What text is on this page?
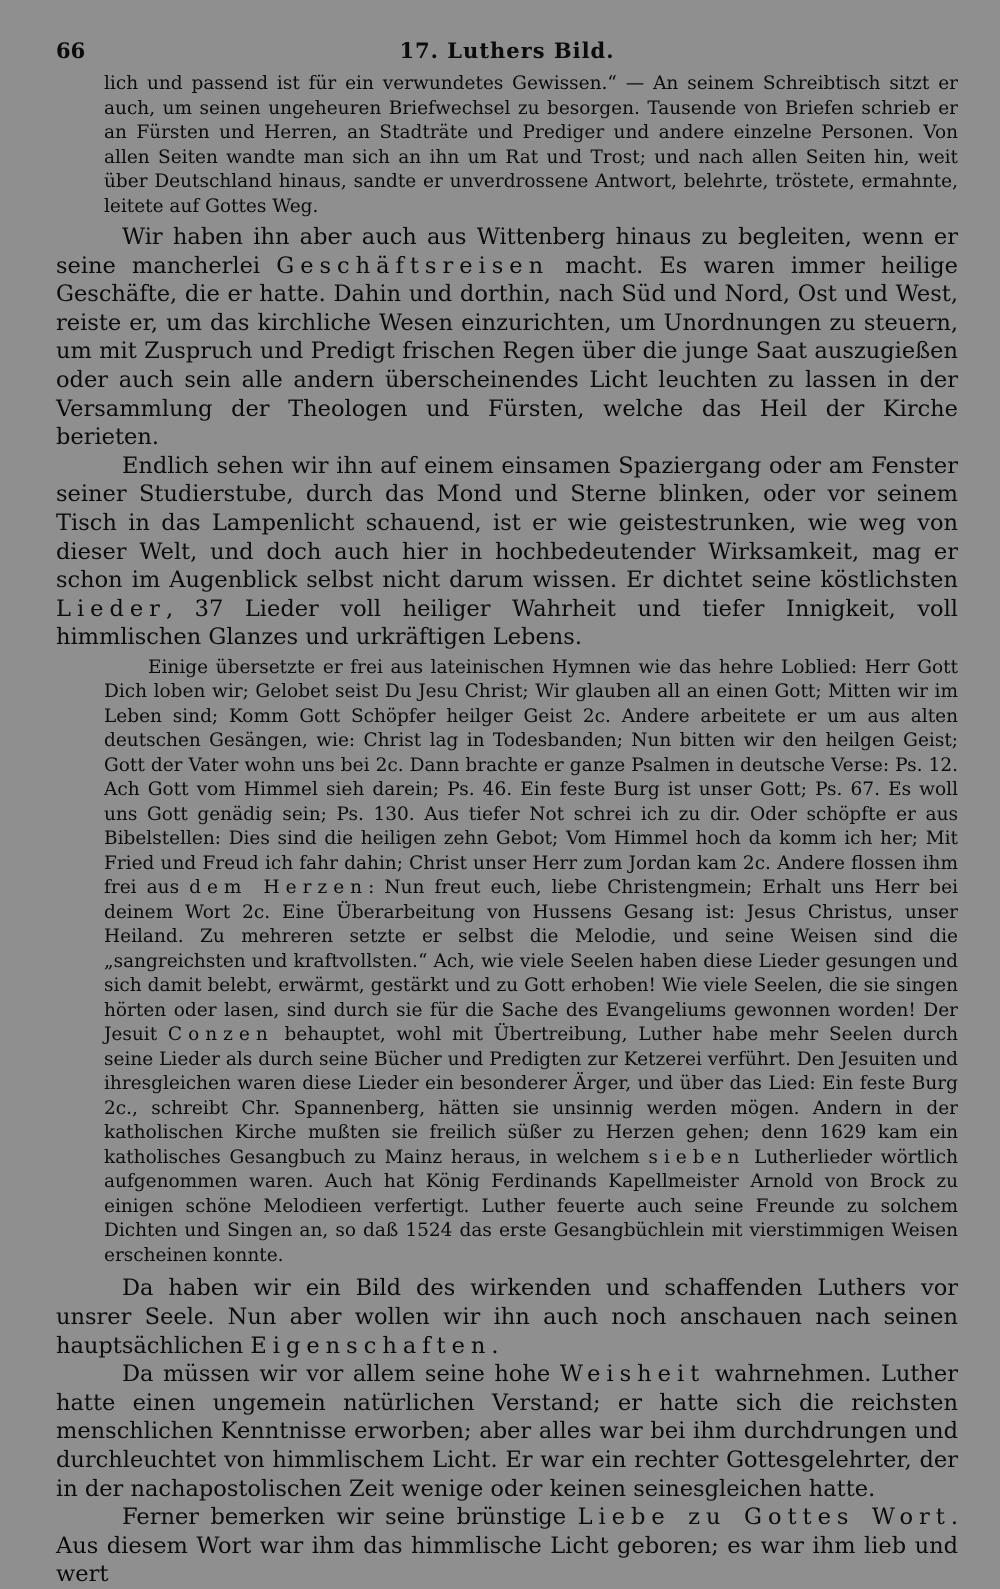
66	17. Luthers Bild.

lich und passend ist für ein verwundetes Gewissen.“ — An seinem Schreibtisch sitzt er auch, um seinen ungeheuren Briefwechsel zu besorgen. Tausende von Briefen schrieb er an Fürsten und Herren, an Stadträte und Prediger und andere einzelne Personen. Von allen Seiten wandte man sich an ihn um Rat und Trost; und nach allen Seiten hin, weit über Deutschland hinaus, sandte er unverdrossene Antwort, belehrte, tröstete, ermahnte, leitete auf Gottes Weg.

Wir haben ihn aber auch aus Wittenberg hinaus zu begleiten, wenn er seine mancherlei Geschäftsreisen macht. Es waren immer heilige Geschäfte, die er hatte. Dahin und dorthin, nach Süd und Nord, Ost und West, reiste er, um das kirchliche Wesen einzurichten, um Unordnungen zu steuern, um mit Zuspruch und Predigt frischen Regen über die junge Saat auszugießen oder auch sein alle andern überscheinendes Licht leuchten zu lassen in der Versammlung der Theologen und Fürsten, welche das Heil der Kirche berieten.

Endlich sehen wir ihn auf einem einsamen Spaziergang oder am Fenster seiner Studierstube, durch das Mond und Sterne blinken, oder vor seinem Tisch in das Lampenlicht schauend, ist er wie geistestrunken, wie weg von dieser Welt, und doch auch hier in hochbedeutender Wirksamkeit, mag er schon im Augenblick selbst nicht darum wissen. Er dichtet seine köstlichsten Lieder, 37 Lieder voll heiliger Wahrheit und tiefer Innigkeit, voll himmlischen Glanzes und urkräftigen Lebens.

Einige übersetzte er frei aus lateinischen Hymnen wie das hehre Loblied: Herr Gott Dich loben wir; Gelobet seist Du Jesu Christ; Wir glauben all an einen Gott; Mitten wir im Leben sind; Komm Gott Schöpfer heilger Geist 2c. Andere arbeitete er um aus alten deutschen Gesängen, wie: Christ lag in Todesbanden; Nun bitten wir den heilgen Geist; Gott der Vater wohn uns bei 2c. Dann brachte er ganze Psalmen in deutsche Verse: Ps. 12. Ach Gott vom Himmel sieh darein; Ps. 46. Ein feste Burg ist unser Gott; Ps. 67. Es woll uns Gott genädig sein; Ps. 130. Aus tiefer Not schrei ich zu dir. Oder schöpfte er aus Bibelstellen: Dies sind die heiligen zehn Gebot; Vom Himmel hoch da komm ich her; Mit Fried und Freud ich fahr dahin; Christ unser Herr zum Jordan kam 2c. Andere flossen ihm frei aus dem Herzen: Nun freut euch, liebe Christengmein; Erhalt uns Herr bei deinem Wort 2c. Eine Überarbeitung von Hussens Gesang ist: Jesus Christus, unser Heiland. Zu mehreren setzte er selbst die Melodie, und seine Weisen sind die „sangreichsten und kraftvollsten.“ Ach, wie viele Seelen haben diese Lieder gesungen und sich damit belebt, erwärmt, gestärkt und zu Gott erhoben! Wie viele Seelen, die sie singen hörten oder lasen, sind durch sie für die Sache des Evangeliums gewonnen worden! Der Jesuit Conzen behauptet, wohl mit Übertreibung, Luther habe mehr Seelen durch seine Lieder als durch seine Bücher und Predigten zur Ketzerei verführt. Den Jesuiten und ihresgleichen waren diese Lieder ein besonderer Ärger, und über das Lied: Ein feste Burg 2c., schreibt Chr. Spannenberg, hätten sie unsinnig werden mögen. Andern in der katholischen Kirche mußten sie freilich süßer zu Herzen gehen; denn 1629 kam ein katholisches Gesangbuch zu Mainz heraus, in welchem sieben Lutherlieder wörtlich aufgenommen waren. Auch hat König Ferdinands Kapellmeister Arnold von Brock zu einigen schöne Melodieen verfertigt. Luther feuerte auch seine Freunde zu solchem Dichten und Singen an, so daß 1524 das erste Gesangbüchlein mit vierstimmigen Weisen erscheinen konnte.

Da haben wir ein Bild des wirkenden und schaffenden Luthers vor unsrer Seele. Nun aber wollen wir ihn auch noch anschauen nach seinen hauptsächlichen Eigenschaften.

Da müssen wir vor allem seine hohe Weisheit wahrnehmen. Luther hatte einen ungemein natürlichen Verstand; er hatte sich die reichsten menschlichen Kenntnisse erworben; aber alles war bei ihm durchdrungen und durchleuchtet von himmlischem Licht. Er war ein rechter Gottesgelehrter, der in der nachapostolischen Zeit wenige oder keinen seinesgleichen hatte.

Ferner bemerken wir seine brünstige Liebe zu Gottes Wort. Aus diesem Wort war ihm das himmlische Licht geboren; es war ihm lieb und wert
